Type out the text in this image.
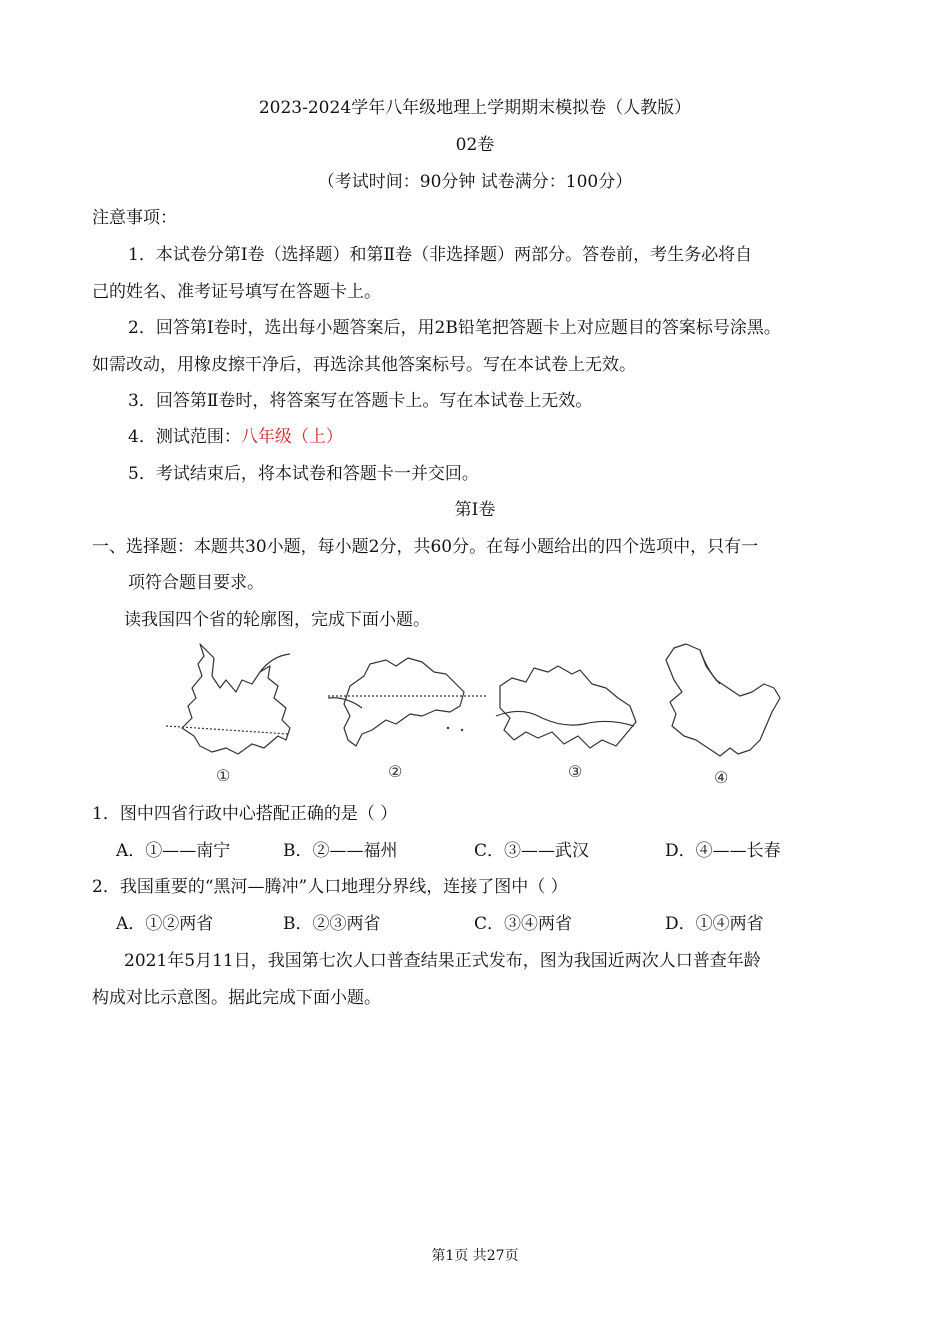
2023-2024学年八年级地理上学期期末模拟卷（人教版）
02卷
（考试时间：90分钟 试卷满分：100分）
注意事项：
1．本试卷分第Ⅰ卷（选择题）和第Ⅱ卷（非选择题）两部分。答卷前，考生务必将自
己的姓名、准考证号填写在答题卡上。
2．回答第Ⅰ卷时，选出每小题答案后，用2B铅笔把答题卡上对应题目的答案标号涂黑。
如需改动，用橡皮擦干净后，再选涂其他答案标号。写在本试卷上无效。
3．回答第Ⅱ卷时，将答案写在答题卡上。写在本试卷上无效。
4．测试范围：八年级（上）
5．考试结束后，将本试卷和答题卡一并交回。
第Ⅰ卷
一、选择题：本题共30小题，每小题2分，共60分。在每小题给出的四个选项中，只有一
项符合题目要求。
读我国四个省的轮廓图，完成下面小题。
①	②	③	④
1．图中四省行政中心搭配正确的是（ ）
A．①——南宁	B．②——福州	C．③——武汉	D．④——长春
2．我国重要的“黑河—腾冲”人口地理分界线，连接了图中（ ）
A．①②两省	B．②③两省	C．③④两省	D．①④两省
2021年5月11日，我国第七次人口普查结果正式发布，图为我国近两次人口普查年龄
构成对比示意图。据此完成下面小题。
第1页 共27页
